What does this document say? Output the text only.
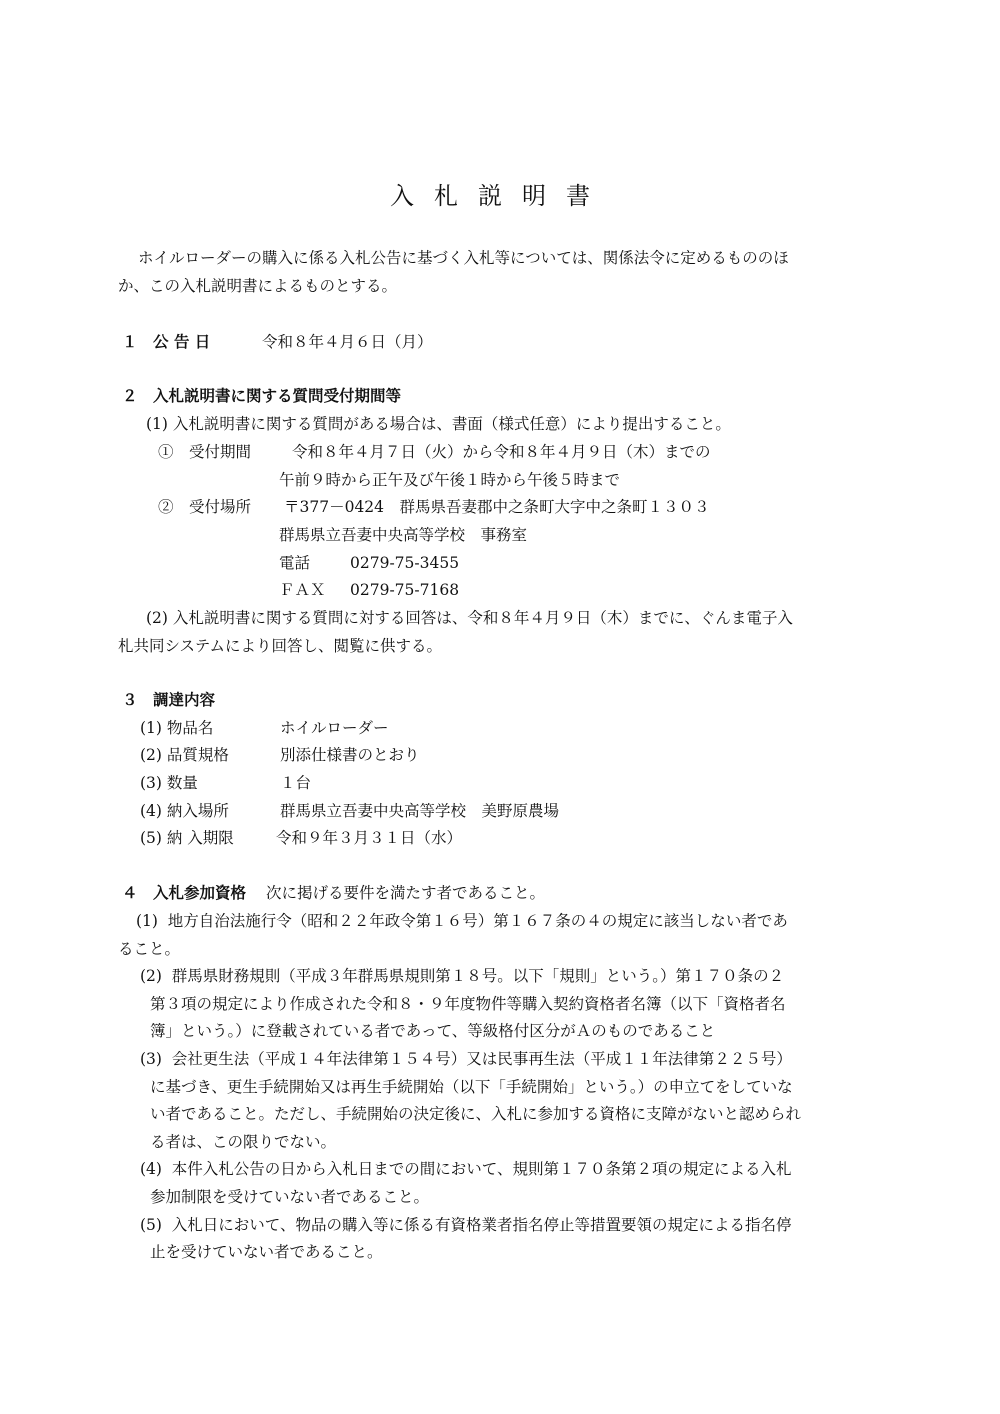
入札説明書
ホイルローダーの購入に係る入札公告に基づく入札等については、関係法令に定めるもののほ
か、この入札説明書によるものとする。
１　公 告 日	令和８年４月６日（月）
２　入札説明書に関する質問受付期間等
(1) 入札説明書に関する質問がある場合は、書面（様式任意）により提出すること。
①　受付期間	令和８年４月７日（火）から令和８年４月９日（木）までの
午前９時から正午及び午後１時から午後５時まで
②　受付場所 〒377－0424　群馬県吾妻郡中之条町大字中之条町１３０３
群馬県立吾妻中央高等学校　事務室
電話	0279-75-3455
ＦＡＸ 0279-75-7168
(2) 入札説明書に関する質問に対する回答は、令和８年４月９日（木）までに、ぐんま電子入
札共同システムにより回答し、閲覧に供する。
３　調達内容
(1) 物品名	ホイルローダー
(2) 品質規格	別添仕様書のとおり
(3) 数量	１台
(4) 納入場所	群馬県立吾妻中央高等学校　美野原農場
(5) 納 入期限	令和９年３月３１日（水）
４　入札参加資格 次に掲げる要件を満たす者であること。
(1)  地方自治法施行令（昭和２２年政令第１６号）第１６７条の４の規定に該当しない者であ
ること。
(2)  群馬県財務規則（平成３年群馬県規則第１８号。以下「規則」という。）第１７０条の２
第３項の規定により作成された令和８・９年度物件等購入契約資格者名簿（以下「資格者名
簿」という。）に登載されている者であって、等級格付区分がＡのものであること
(3)  会社更生法（平成１４年法律第１５４号）又は民事再生法（平成１１年法律第２２５号）
に基づき、更生手続開始又は再生手続開始（以下「手続開始」という。）の申立てをしていな
い者であること。ただし、手続開始の決定後に、入札に参加する資格に支障がないと認められ
る者は、この限りでない。
(4)  本件入札公告の日から入札日までの間において、規則第１７０条第２項の規定による入札
参加制限を受けていない者であること。
(5)  入札日において、物品の購入等に係る有資格業者指名停止等措置要領の規定による指名停
止を受けていない者であること。
